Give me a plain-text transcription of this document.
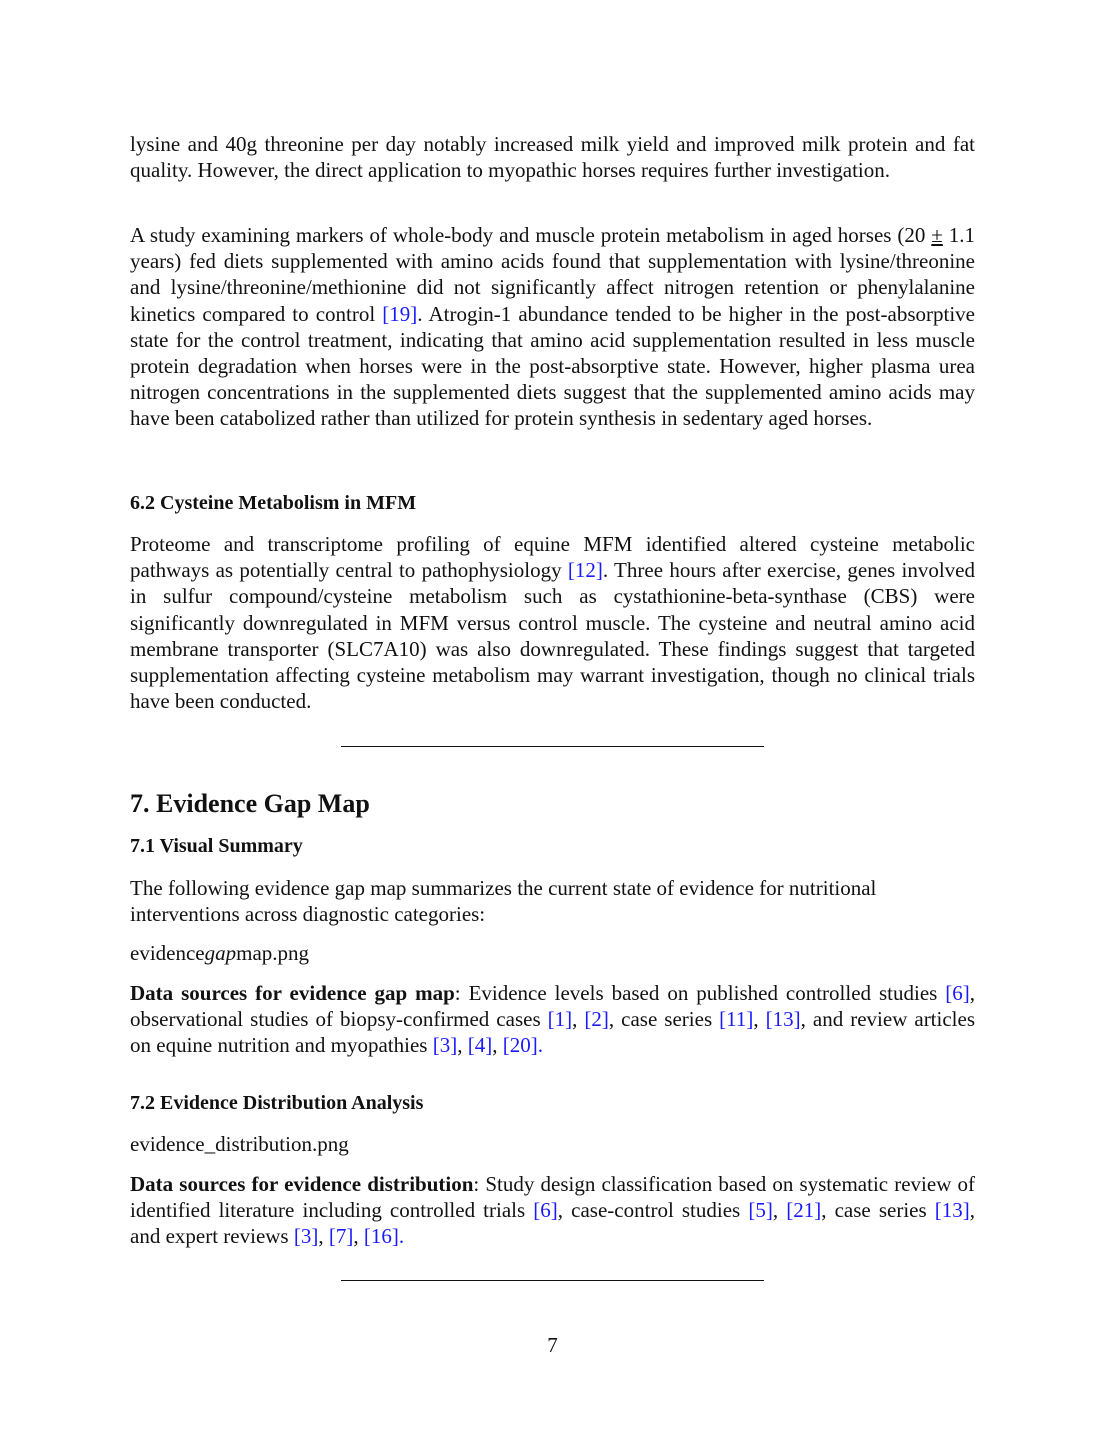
lysine and 40g threonine per day notably increased milk yield and improved milk protein and fat quality. However, the direct application to myopathic horses requires further investigation.

A study examining markers of whole-body and muscle protein metabolism in aged horses (20 ± 1.1 years) fed diets supplemented with amino acids found that supplementation with lysine/threonine and lysine/threonine/methionine did not significantly affect nitrogen retention or phenylalanine kinetics compared to control [19]. Atrogin-1 abundance tended to be higher in the post-absorptive state for the control treatment, indicating that amino acid supplementation resulted in less muscle protein degradation when horses were in the post-absorptive state. However, higher plasma urea nitrogen concentrations in the supplemented diets suggest that the supplemented amino acids may have been catabolized rather than utilized for protein synthesis in sedentary aged horses.

6.2 Cysteine Metabolism in MFM

Proteome and transcriptome profiling of equine MFM identified altered cysteine metabolic pathways as potentially central to pathophysiology [12]. Three hours after exercise, genes involved in sulfur compound/cysteine metabolism such as cystathionine-beta-synthase (CBS) were significantly downregulated in MFM versus control muscle. The cysteine and neutral amino acid membrane transporter (SLC7A10) was also downregulated. These findings suggest that targeted supplementation affecting cysteine metabolism may warrant investigation, though no clinical trials have been conducted.

7. Evidence Gap Map
7.1 Visual Summary

The following evidence gap map summarizes the current state of evidence for nutritional interventions across diagnostic categories:

evidencegapmap.png

Data sources for evidence gap map: Evidence levels based on published controlled studies [6], observational studies of biopsy-confirmed cases [1], [2], case series [11], [13], and review articles on equine nutrition and myopathies [3], [4], [20].

7.2 Evidence Distribution Analysis

evidence_distribution.png

Data sources for evidence distribution: Study design classification based on systematic review of identified literature including controlled trials [6], case-control studies [5], [21], case series [13], and expert reviews [3], [7], [16].

7
